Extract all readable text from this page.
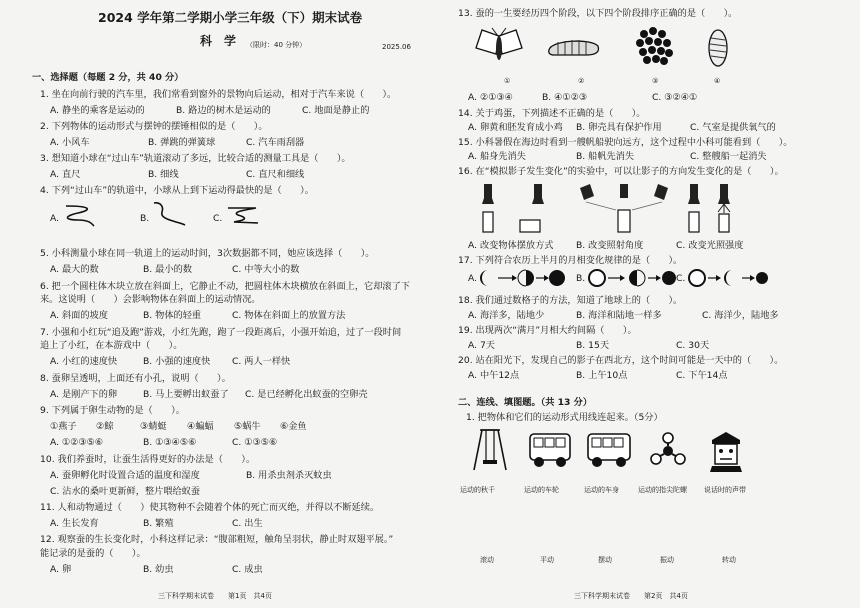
2024 学年第二学期小学三年级（下）期末试卷
科　学 （限时：40 分钟）	2025.06
一、选择题（每题 2 分，共 40 分）
1. 坐在向前行驶的汽车里，我们常看到窗外的景物向后运动，相对于汽车来说（　　）。
A. 静坐的乘客是运动的	B. 路边的树木是运动的	C. 地面是静止的
2. 下列物体的运动形式与摆钟的摆锤相似的是（　　）。
A. 小风车	B. 弹跳的弹簧球	C. 汽车雨刮器
3. 想知道小球在“过山车”轨道滚动了多远，比较合适的测量工具是（　　）。
A. 直尺	B. 细线	C. 直尺和细线
4. 下列“过山车”的轨道中，小球从上到下运动得最快的是（　　）。
A.	B.	C.
5. 小科测量小球在同一轨道上的运动时间，3次数据都不同，她应该选择（　　）。
A. 最大的数	B. 最小的数	C. 中等大小的数
6. 把一个圆柱体木块立放在斜面上，它静止不动，把圆柱体木块横放在斜面上，它却滚了下
来。这说明（　　）会影响物体在斜面上的运动情况。
A. 斜面的坡度	B. 物体的轻重	C. 物体在斜面上的放置方法
7. 小强和小红玩“追及跑”游戏，小红先跑，跑了一段距离后，小强开始追，过了一段时间
追上了小红，在本游戏中（　　）。
A. 小红的速度快	B. 小强的速度快 C. 两人一样快
8. 蚕卵呈透明，上面还有小孔，说明（　　）。
A. 是刚产下的卵	B. 马上要孵出蚁蚕了 C. 是已经孵化出蚁蚕的空卵壳
9. 下列属于卵生动物的是（　　）。
①燕子 ②鲸	③蜻蜓 ④蝙蝠 ⑤蜗牛 ⑥金鱼
A. ①②③⑤⑥	B. ①③④⑤⑥	C. ①③⑤⑥
10. 我们养蚕时，让蚕生活得更好的办法是（　　）。
A. 蚕卵孵化时设置合适的温度和湿度	B. 用杀虫剂杀灭蚊虫
C. 沾水的桑叶更新鲜，整片喂给蚁蚕
11. 人和动物通过（　　）使其物种不会随着个体的死亡而灭绝，并得以不断延续。
A. 生长发育	B. 繁殖	C. 出生
12. 观察蚕的生长变化时，小科这样记录：“腹部粗短，触角呈羽状，静止时双翅平展。”
能记录的是蚕的（　　）。
A. 卵	B. 幼虫	C. 成虫
三下科学期末试卷　　第1页　共4页
13. 蚕的一生要经历四个阶段，以下四个阶段排序正确的是（　　）。
①	②	③	④
A. ②①③④	B. ④①②③	C. ③②④①
14. 关于鸡蛋，下列描述不正确的是（　　）。
A. 卵黄和胚发育成小鸡 B. 卵壳具有保护作用	C. 气室是提供氧气的
15. 小科暑假在海边时看到一艘帆船驶向远方，这个过程中小科可能看到（　　）。
A. 船身先消失	B. 船帆先消失	C. 整艘船一起消失
16. 在“模拟影子发生变化”的实验中，可以让影子的方向发生变化的是（　　）。
A. 改变物体摆放方式 B. 改变照射角度	C. 改变光照强度
17. 下列符合农历上半月的月相变化规律的是（　　）。
A.	B.	C.
18. 我们通过数格子的方法，知道了地球上的（　　）。
A. 海洋多，陆地少	B. 海洋和陆地一样多	C. 海洋少，陆地多
19. 出现两次“满月”月相大约间隔（　　）。
A. 7天	B. 15天	C. 30天
20. 站在阳光下，发现自己的影子在西北方，这个时间可能是一天中的（　　）。
A. 中午12点	B. 上午10点	C. 下午14点
二、连线、填图题。（共 13 分）
1. 把物体和它们的运动形式用线连起来。（5分）
运动的秋千	运动的车轮	运动的车身	运动的指尖陀螺 说话时的声带
滚动	平动	摆动	振动	转动
三下科学期末试卷　　第2页　共4页
